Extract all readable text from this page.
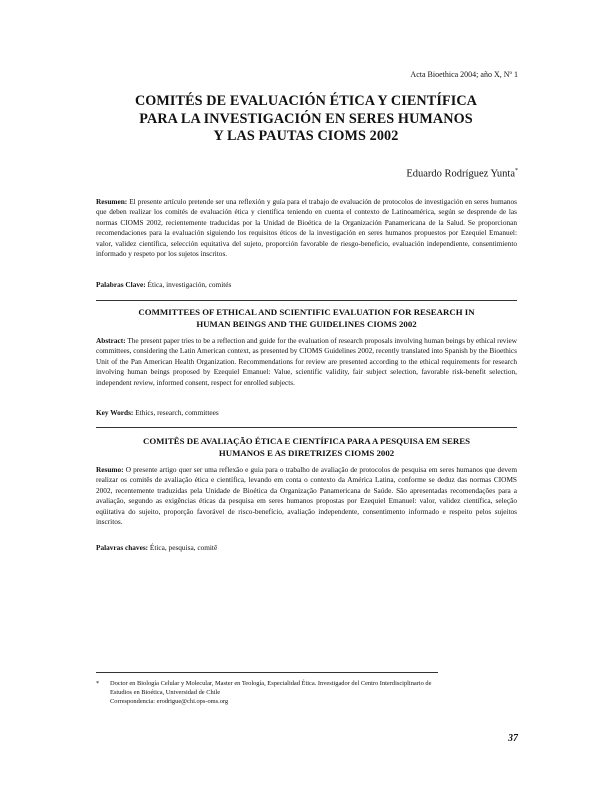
Acta Bioethica 2004; año X, Nº 1
COMITÉS DE EVALUACIÓN ÉTICA Y CIENTÍFICA
PARA LA INVESTIGACIÓN EN SERES HUMANOS
Y LAS PAUTAS CIOMS 2002
Eduardo Rodríguez Yunta*
Resumen: El presente artículo pretende ser una reflexión y guía para el trabajo de evaluación de protocolos de investigación en seres humanos que deben realizar los comités de evaluación ética y científica teniendo en cuenta el contexto de Latinoamérica, según se desprende de las normas CIOMS 2002, recientemente traducidas por la Unidad de Bioética de la Organización Panamericana de la Salud. Se proporcionan recomendaciones para la evaluación siguiendo los requisitos éticos de la investigación en seres humanos propuestos por Ezequiel Emanuel: valor, validez científica, selección equitativa del sujeto, proporción favorable de riesgo-beneficio, evaluación independiente, consentimiento informado y respeto por los sujetos inscritos.
Palabras Clave: Ética, investigación, comités
COMMITTEES OF ETHICAL AND SCIENTIFIC EVALUATION FOR RESEARCH IN
HUMAN BEINGS AND THE GUIDELINES CIOMS 2002
Abstract: The present paper tries to be a reflection and guide for the evaluation of research proposals involving human beings by ethical review committees, considering the Latin American context, as presented by CIOMS Guidelines 2002, recently translated into Spanish by the Bioethics Unit of the Pan American Health Organization. Recommendations for review are presented according to the ethical requirements for research involving human beings proposed by Ezequiel Emanuel: Value, scientific validity, fair subject selection, favorable risk-benefit selection, independent review, informed consent, respect for enrolled subjects.
Key Words: Ethics, research, committees
COMITÊS DE AVALIAÇÃO ÉTICA E CIENTÍFICA PARA A PESQUISA EM SERES
HUMANOS E AS DIRETRIZES CIOMS 2002
Resumo: O presente artigo quer ser uma reflexão e guia para o trabalho de avaliação de protocolos de pesquisa em seres humanos que devem realizar os comitês de avaliação ética e científica, levando em conta o contexto da América Latina, conforme se deduz das normas CIOMS 2002, recentemente traduzidas pela Unidade de Bioética da Organização Panamericana de Saúde. São apresentadas recomendações para a avaliação, segundo as exigências éticas da pesquisa em seres humanos propostas por Ezequiel Emanuel: valor, validez científica, seleção eqüitativa do sujeito, proporção favorável de risco-benefício, avaliação independente, consentimento informado e respeito pelos sujeitos inscritos.
Palavras chaves: Ética, pesquisa, comitê
* Doctor en Biología Celular y Molecular, Master en Teología, Especialidad Ética. Investigador del Centro Interdisciplinario de
Estudios en Bioética, Universidad de Chile
Correspondencia: erodrigue@chi.ops-oms.org
37
